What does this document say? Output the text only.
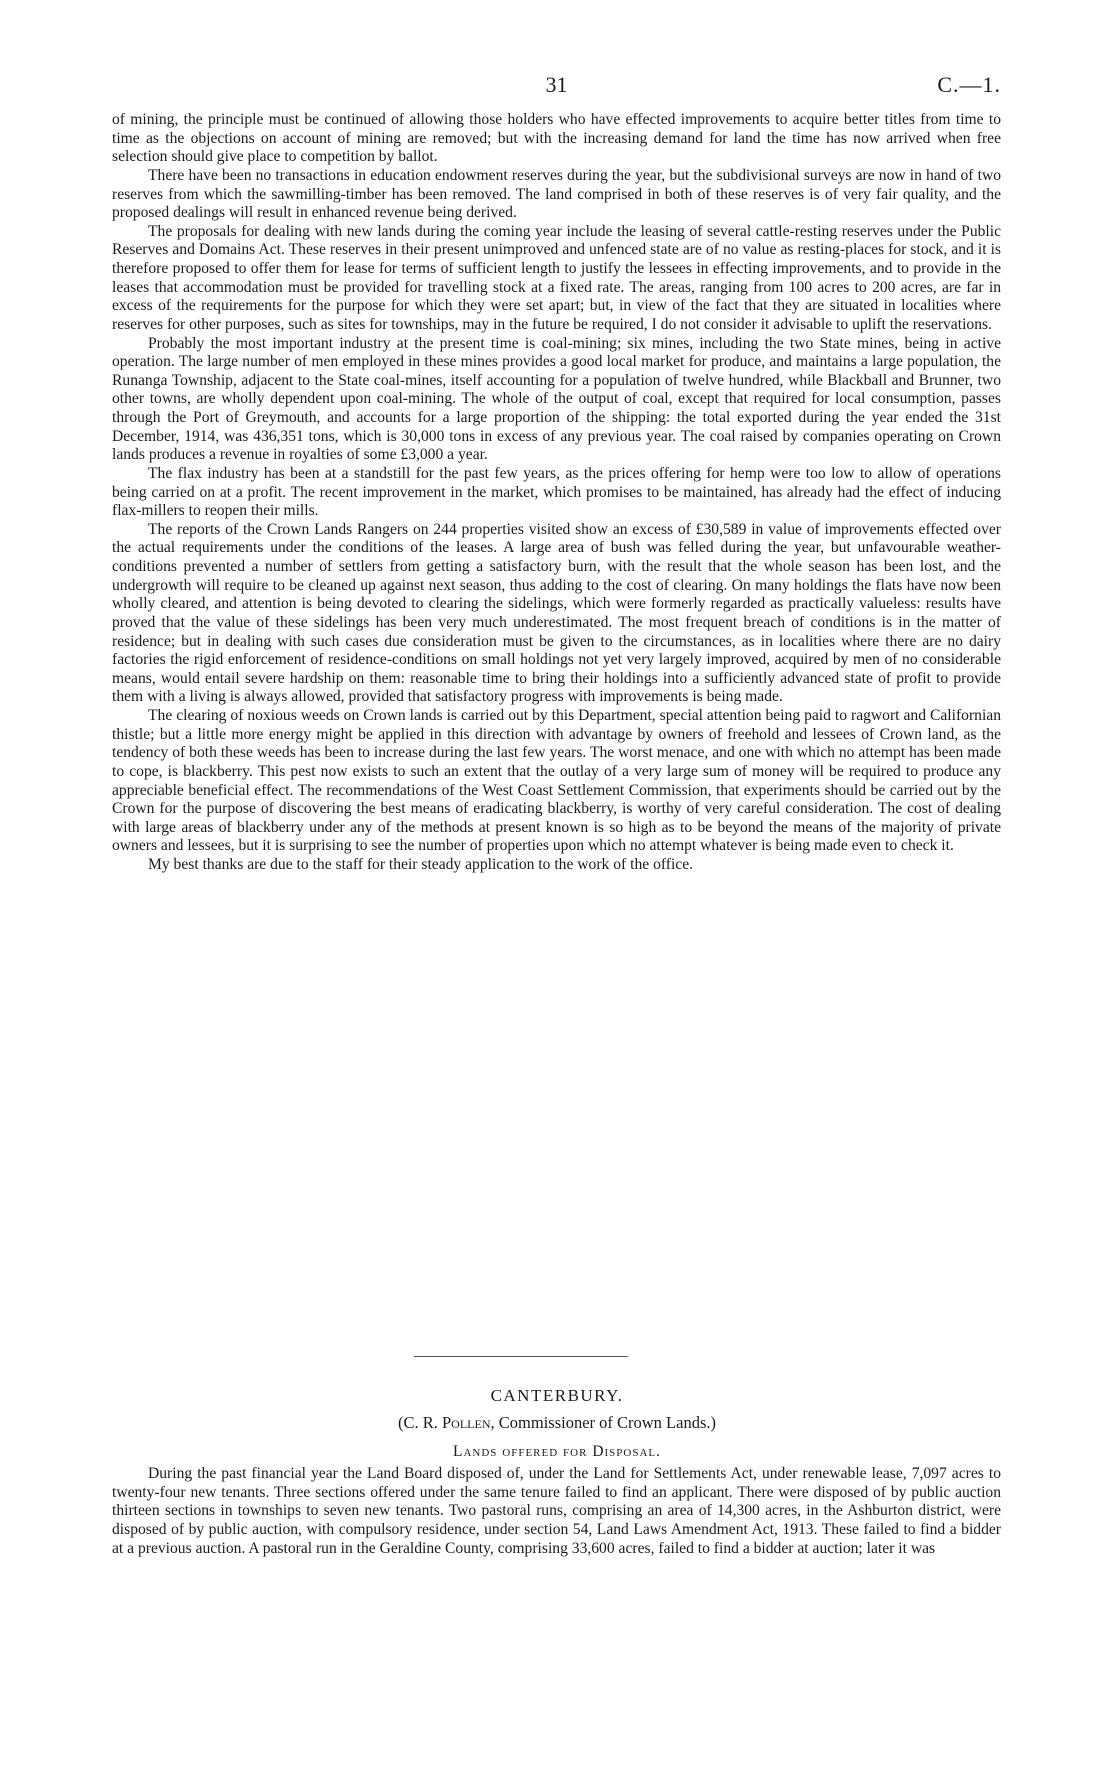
31	C.—1.

of mining, the principle must be continued of allowing those holders who have effected improvements to acquire better titles from time to time as the objections on account of mining are removed; but with the increasing demand for land the time has now arrived when free selection should give place to competition by ballot.

There have been no transactions in education endowment reserves during the year, but the subdivisional surveys are now in hand of two reserves from which the sawmilling-timber has been removed. The land comprised in both of these reserves is of very fair quality, and the proposed dealings will result in enhanced revenue being derived.

The proposals for dealing with new lands during the coming year include the leasing of several cattle-resting reserves under the Public Reserves and Domains Act. These reserves in their present unimproved and unfenced state are of no value as resting-places for stock, and it is therefore proposed to offer them for lease for terms of sufficient length to justify the lessees in effecting improvements, and to provide in the leases that accommodation must be provided for travelling stock at a fixed rate. The areas, ranging from 100 acres to 200 acres, are far in excess of the requirements for the purpose for which they were set apart; but, in view of the fact that they are situated in localities where reserves for other purposes, such as sites for townships, may in the future be required, I do not consider it advisable to uplift the reservations.

Probably the most important industry at the present time is coal-mining; six mines, including the two State mines, being in active operation. The large number of men employed in these mines provides a good local market for produce, and maintains a large population, the Runanga Township, adjacent to the State coal-mines, itself accounting for a population of twelve hundred, while Blackball and Brunner, two other towns, are wholly dependent upon coal-mining. The whole of the output of coal, except that required for local consumption, passes through the Port of Greymouth, and accounts for a large proportion of the shipping: the total exported during the year ended the 31st December, 1914, was 436,351 tons, which is 30,000 tons in excess of any previous year. The coal raised by companies operating on Crown lands produces a revenue in royalties of some £3,000 a year.

The flax industry has been at a standstill for the past few years, as the prices offering for hemp were too low to allow of operations being carried on at a profit. The recent improvement in the market, which promises to be maintained, has already had the effect of inducing flax-millers to reopen their mills.

The reports of the Crown Lands Rangers on 244 properties visited show an excess of £30,589 in value of improvements effected over the actual requirements under the conditions of the leases. A large area of bush was felled during the year, but unfavourable weather-conditions prevented a number of settlers from getting a satisfactory burn, with the result that the whole season has been lost, and the undergrowth will require to be cleaned up against next season, thus adding to the cost of clearing. On many holdings the flats have now been wholly cleared, and attention is being devoted to clearing the sidelings, which were formerly regarded as practically valueless: results have proved that the value of these sidelings has been very much underestimated. The most frequent breach of conditions is in the matter of residence; but in dealing with such cases due consideration must be given to the circumstances, as in localities where there are no dairy factories the rigid enforcement of residence-conditions on small holdings not yet very largely improved, acquired by men of no considerable means, would entail severe hardship on them: reasonable time to bring their holdings into a sufficiently advanced state of profit to provide them with a living is always allowed, provided that satisfactory progress with improvements is being made.

The clearing of noxious weeds on Crown lands is carried out by this Department, special attention being paid to ragwort and Californian thistle; but a little more energy might be applied in this direction with advantage by owners of freehold and lessees of Crown land, as the tendency of both these weeds has been to increase during the last few years. The worst menace, and one with which no attempt has been made to cope, is blackberry. This pest now exists to such an extent that the outlay of a very large sum of money will be required to produce any appreciable beneficial effect. The recommendations of the West Coast Settlement Commission, that experiments should be carried out by the Crown for the purpose of discovering the best means of eradicating blackberry, is worthy of very careful consideration. The cost of dealing with large areas of blackberry under any of the methods at present known is so high as to be beyond the means of the majority of private owners and lessees, but it is surprising to see the number of properties upon which no attempt whatever is being made even to check it.

My best thanks are due to the staff for their steady application to the work of the office.

CANTERBURY.
(C. R. Pollen, Commissioner of Crown Lands.)
Lands offered for Disposal.

During the past financial year the Land Board disposed of, under the Land for Settlements Act, under renewable lease, 7,097 acres to twenty-four new tenants. Three sections offered under the same tenure failed to find an applicant. There were disposed of by public auction thirteen sections in townships to seven new tenants. Two pastoral runs, comprising an area of 14,300 acres, in the Ashburton district, were disposed of by public auction, with compulsory residence, under section 54, Land Laws Amendment Act, 1913. These failed to find a bidder at a previous auction. A pastoral run in the Geraldine County, comprising 33,600 acres, failed to find a bidder at auction; later it was
